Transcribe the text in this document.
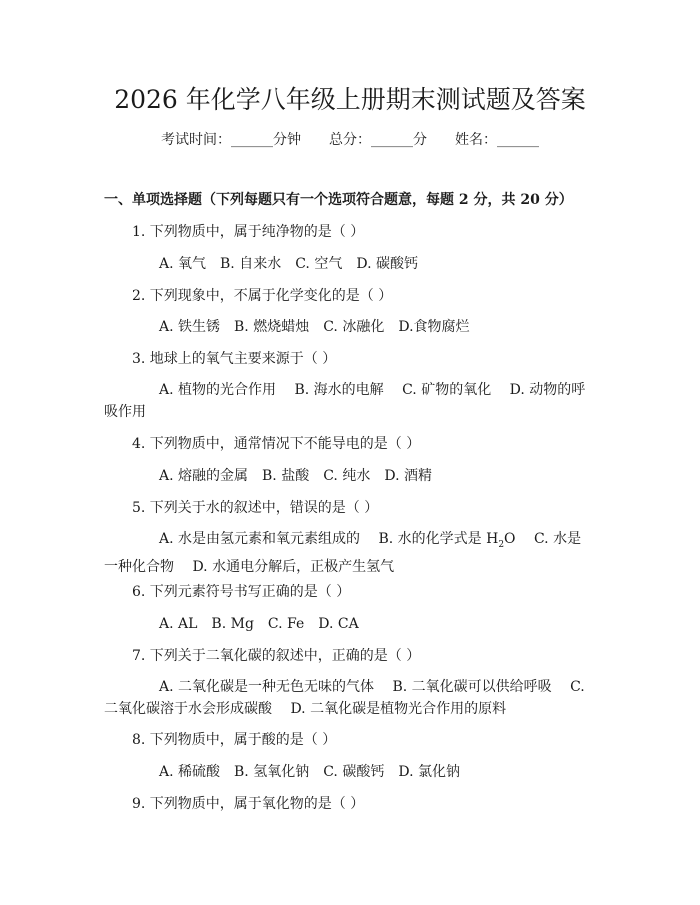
2026 年化学八年级上册期末测试题及答案
考试时间：______分钟 总分：______分 姓名：______
一、单项选择题（下列每题只有一个选项符合题意，每题 2 分，共 20 分）
1. 下列物质中，属于纯净物的是（ ）
A. 氧气 B. 自来水 C. 空气 D. 碳酸钙
2. 下列现象中，不属于化学变化的是（ ）
A. 铁生锈 B. 燃烧蜡烛 C. 冰融化 D.食物腐烂
3. 地球上的氧气主要来源于（ ）
A. 植物的光合作用　 B. 海水的电解　 C. 矿物的氧化　 D. 动物的呼吸作用
4. 下列物质中，通常情况下不能导电的是（ ）
A. 熔融的金属 B. 盐酸 C. 纯水 D. 酒精
5. 下列关于水的叙述中，错误的是（ ）
A. 水是由氢元素和氧元素组成的　 B. 水的化学式是 $H_2O$　 C. 水是一种化合物　 D. 水通电分解后，正极产生氢气
6. 下列元素符号书写正确的是（ ）
A. AL B. Mg C. Fe D. CA
7. 下列关于二氧化碳的叙述中，正确的是（ ）
A. 二氧化碳是一种无色无味的气体　 B. 二氧化碳可以供给呼吸　 C. 二氧化碳溶于水会形成碳酸　 D. 二氧化碳是植物光合作用的原料
8. 下列物质中，属于酸的是（ ）
A. 稀硫酸 B. 氢氧化钠 C. 碳酸钙 D. 氯化钠
9. 下列物质中，属于氧化物的是（ ）
